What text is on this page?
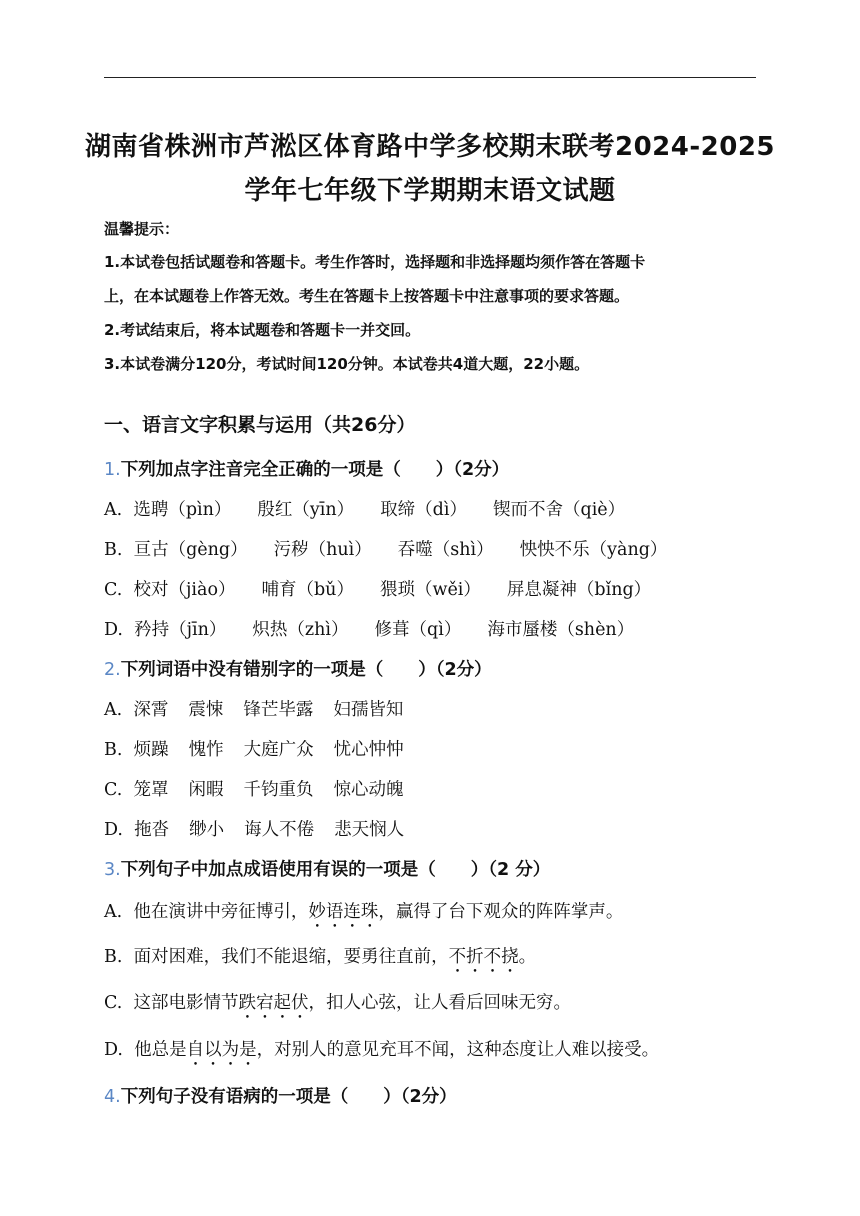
湖南省株洲市芦淞区体育路中学多校期末联考2024-2025
学年七年级下学期期末语文试题
温馨提示：
1.本试卷包括试题卷和答题卡。考生作答时，选择题和非选择题均须作答在答题卡
上，在本试题卷上作答无效。考生在答题卡上按答题卡中注意事项的要求答题。
2.考试结束后，将本试题卷和答题卡一并交回。
3.本试卷满分120分，考试时间120分钟。本试卷共4道大题，22小题。
一、语言文字积累与运用（共26分）
1.下列加点字注音完全正确的一项是（　　）（2分）
A. 选聘（pìn） 殷红（yīn） 取缔（dì） 锲而不舍（qiè）
B. 亘古（gèng） 污秽（huì） 吞噬（shì） 怏怏不乐（yàng）
C. 校对（jiào） 哺育（bǔ） 猥琐（wěi） 屏息凝神（bǐng）
D. 矜持（jīn） 炽热（zhì） 修葺（qì） 海市蜃楼（shèn）
2.下列词语中没有错别字的一项是（　　）（2分）
A. 深霄 震悚 锋芒毕露 妇孺皆知
B. 烦躁 愧怍 大庭广众 忧心忡忡
C. 笼罩 闲暇 千钧重负 惊心动魄
D. 拖沓 缈小 诲人不倦 悲天悯人
3.下列句子中加点成语使用有误的一项是（　　）（2 分）
A. 他在演讲中旁征博引，妙语连珠，赢得了台下观众的阵阵掌声。
B. 面对困难，我们不能退缩，要勇往直前，不折不挠。
C. 这部电影情节跌宕起伏，扣人心弦，让人看后回味无穷。
D. 他总是自以为是，对别人的意见充耳不闻，这种态度让人难以接受。
4.下列句子没有语病的一项是（　　）（2分）
